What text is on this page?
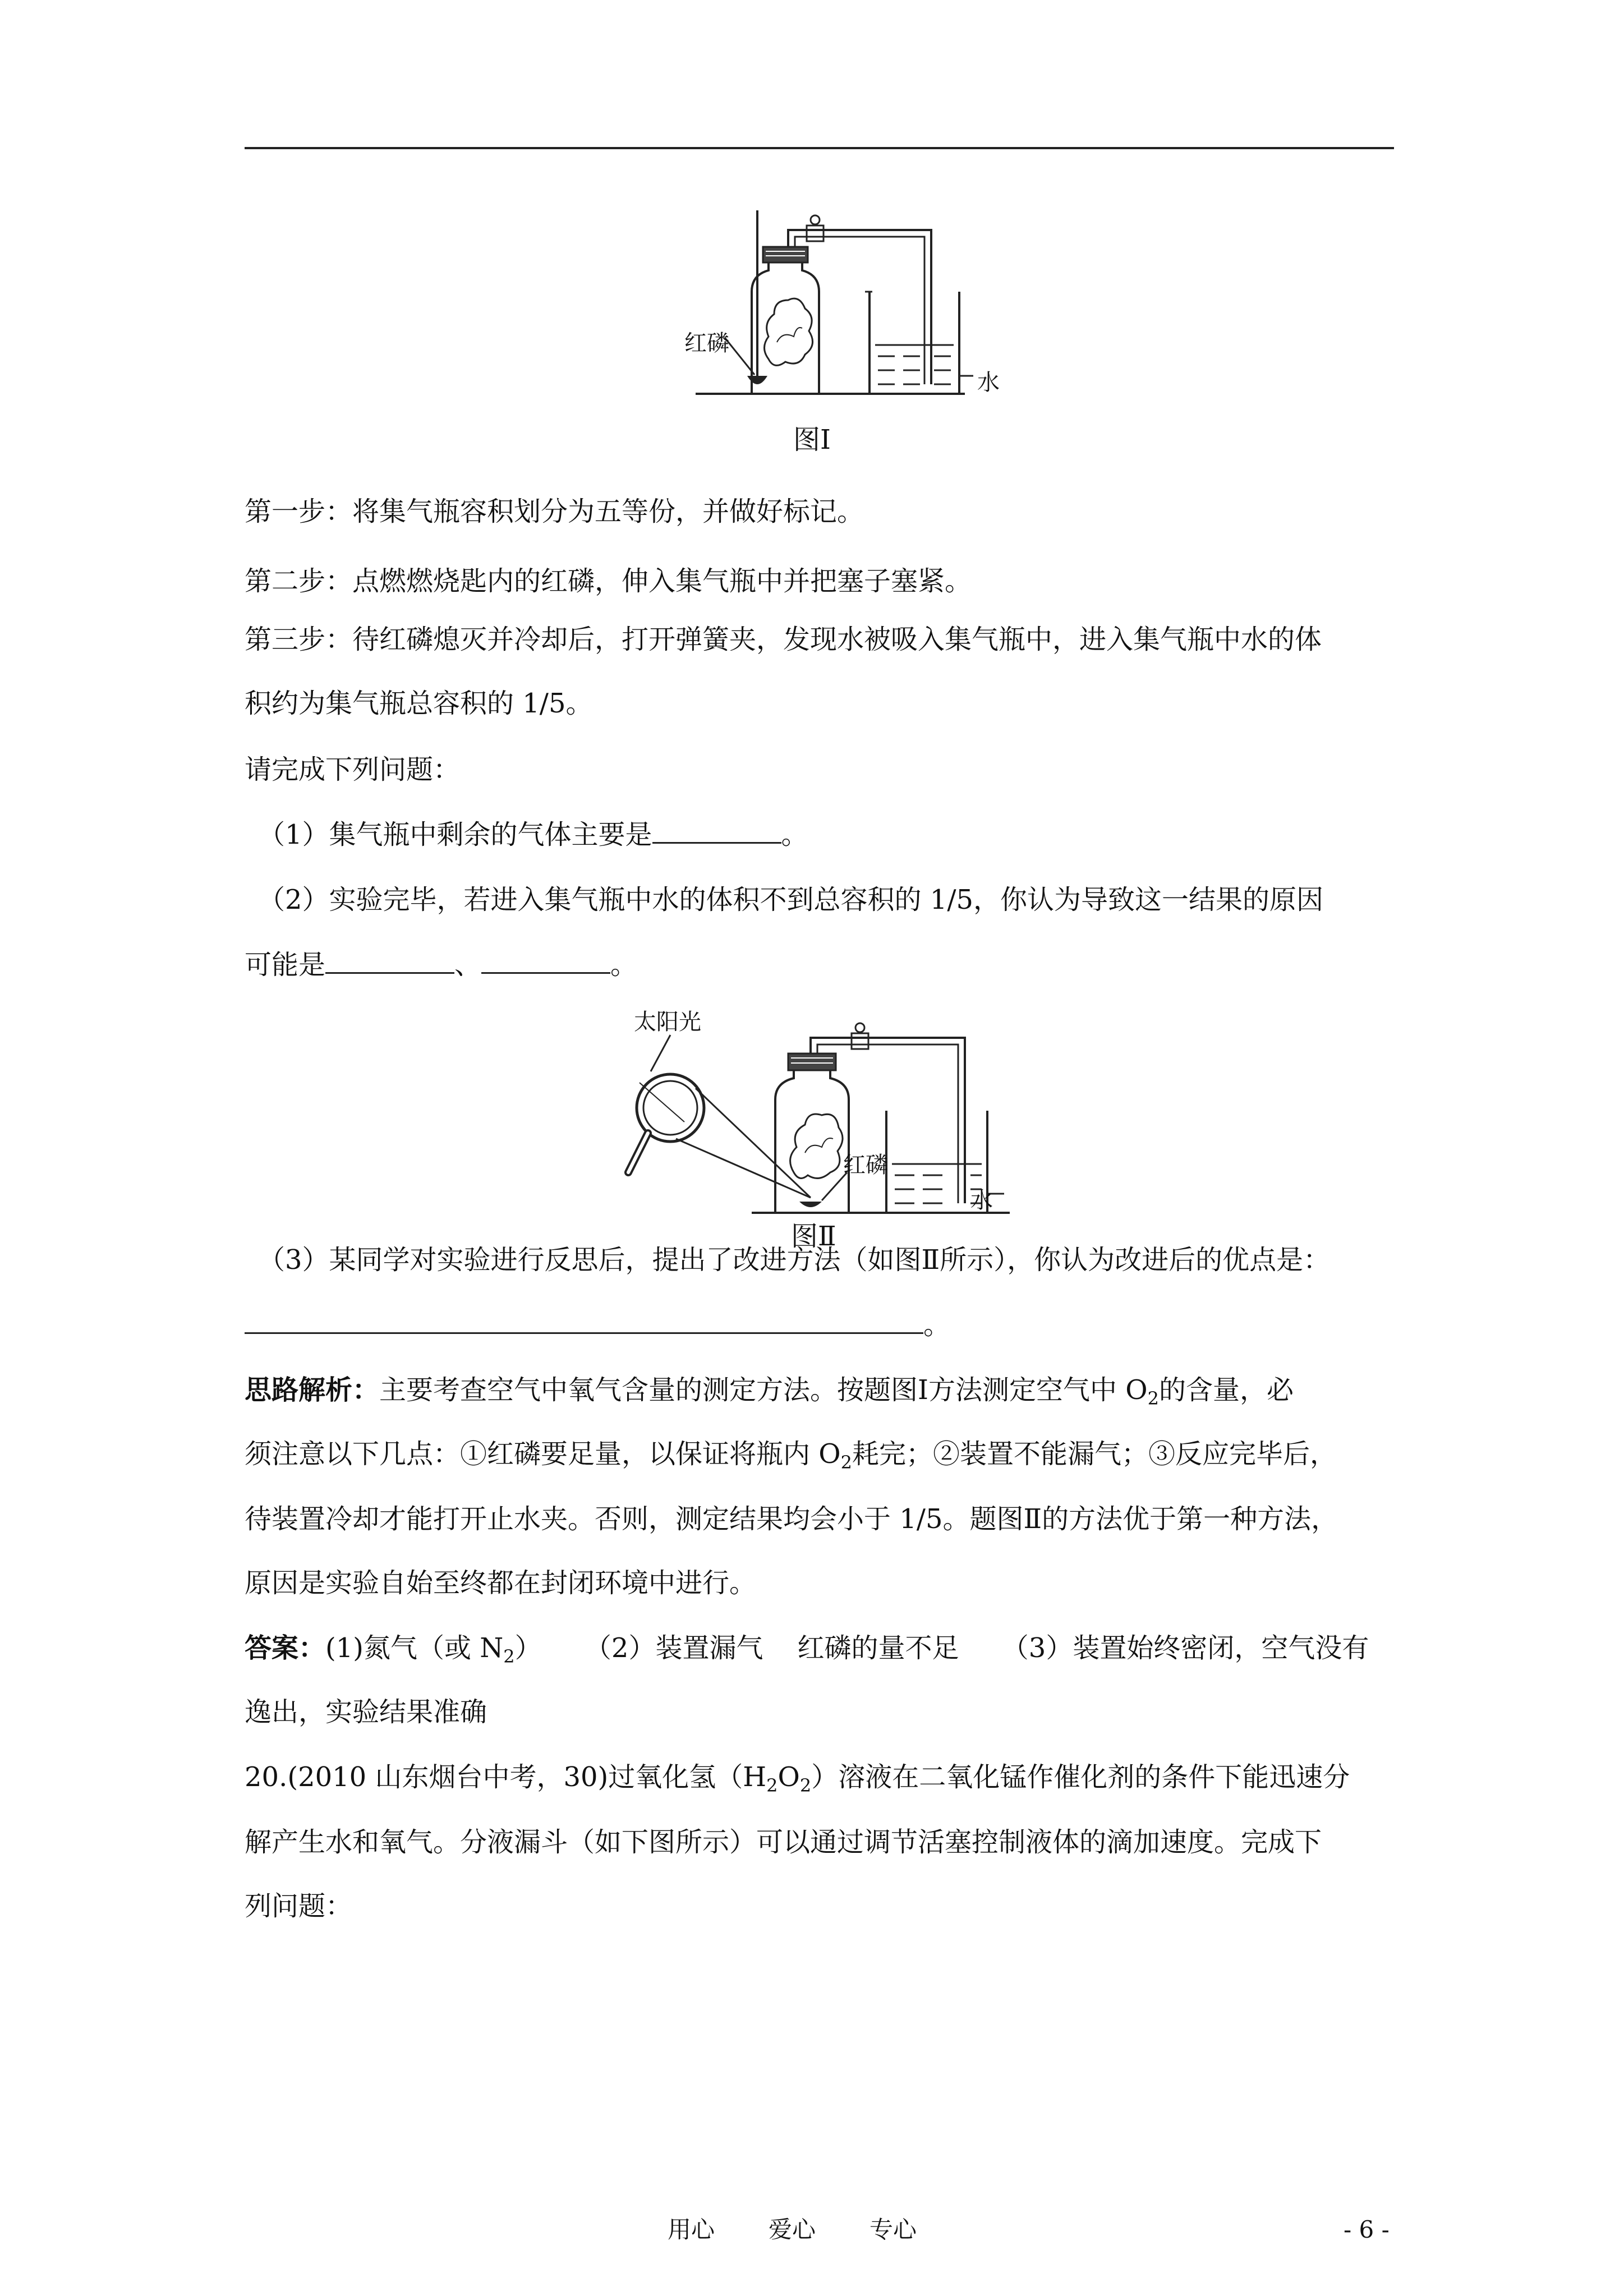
红磷
水
图Ⅰ
第一步：将集气瓶容积划分为五等份，并做好标记。
第二步：点燃燃烧匙内的红磷，伸入集气瓶中并把塞子塞紧。
第三步：待红磷熄灭并冷却后，打开弹簧夹，发现水被吸入集气瓶中，进入集气瓶中水的体
积约为集气瓶总容积的 1/5。
请完成下列问题：
（1）集气瓶中剩余的气体主要是	。
（2）实验完毕，若进入集气瓶中水的体积不到总容积的 1/5，你认为导致这一结果的原因
可能是	、	。
太阳光
红磷
水
图Ⅱ
（3）某同学对实验进行反思后，提出了改进方法（如图Ⅱ所示），你认为改进后的优点是：
。
思路解析：主要考查空气中氧气含量的测定方法。按题图Ⅰ方法测定空气中 $O_2$的含量，必
须注意以下几点：①红磷要足量，以保证将瓶内 $O_2$耗完；②装置不能漏气；③反应完毕后，
待装置冷却才能打开止水夹。否则，测定结果均会小于 1/5。题图Ⅱ的方法优于第一种方法，
原因是实验自始至终都在封闭环境中进行。
答案：(1)氮气（或 $N_2$）     （2）装置漏气    红磷的量不足     （3）装置始终密闭，空气没有
逸出，实验结果准确
20.(2010 山东烟台中考，30)过氧化氢$(H_2O_2)$溶液在二氧化锰作催化剂的条件下能迅速分
解产生水和氧气。分液漏斗（如下图所示）可以通过调节活塞控制液体的滴加速度。完成下
列问题：
用心 爱心 专心	- 6 -
